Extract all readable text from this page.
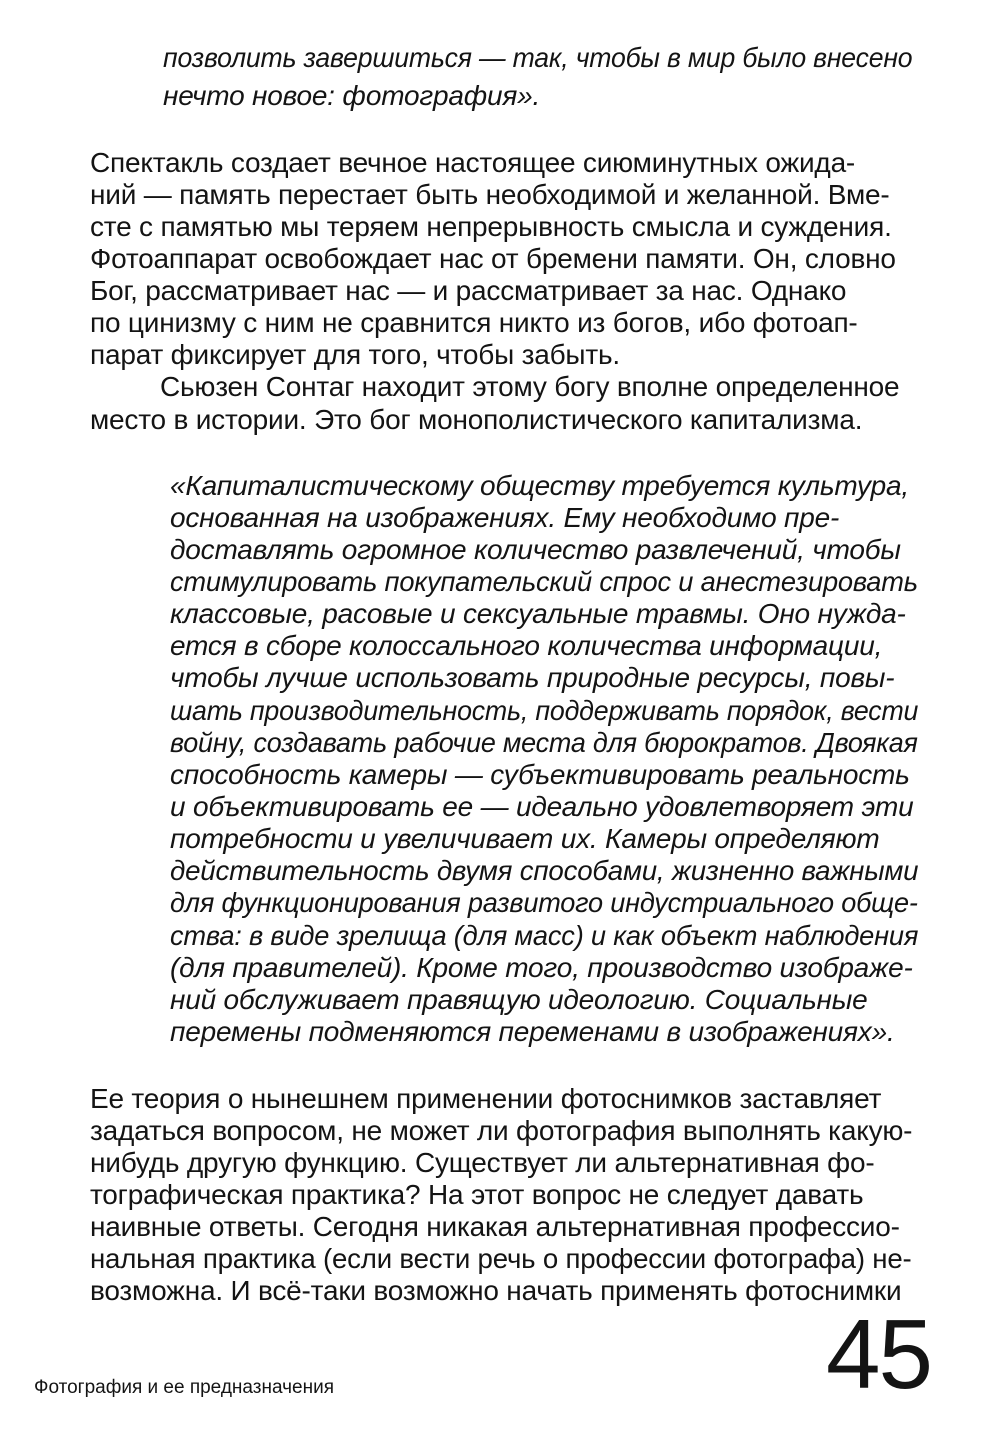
позволить завершиться — так, чтобы в мир было внесено
нечто новое: фотография».
Спектакль создает вечное настоящее сиюминутных ожида-
ний — память перестает быть необходимой и желанной. Вме-
сте с памятью мы теряем непрерывность смысла и суждения.
Фотоаппарат освобождает нас от бремени памяти. Он, словно
Бог, рассматривает нас — и рассматривает за нас. Однако
по цинизму с ним не сравнится никто из богов, ибо фотоап-
парат фиксирует для того, чтобы забыть.
Сьюзен Сонтаг находит этому богу вполне определенное
место в истории. Это бог монополистического капитализма.
«Капиталистическому обществу требуется культура,
основанная на изображениях. Ему необходимо пре-
доставлять огромное количество развлечений, чтобы
стимулировать покупательский спрос и анестезировать
классовые, расовые и сексуальные травмы. Оно нужда-
ется в сборе колоссального количества информации,
чтобы лучше использовать природные ресурсы, повы-
шать производительность, поддерживать порядок, вести
войну, создавать рабочие места для бюрократов. Двоякая
способность камеры — субъективировать реальность
и объективировать ее — идеально удовлетворяет эти
потребности и увеличивает их. Камеры определяют
действительность двумя способами, жизненно важными
для функционирования развитого индустриального обще-
ства: в виде зрелища (для масс) и как объект наблюдения
(для правителей). Кроме того, производство изображе-
ний обслуживает правящую идеологию. Социальные
перемены подменяются переменами в изображениях».
Ее теория о нынешнем применении фотоснимков заставляет
задаться вопросом, не может ли фотография выполнять какую-
нибудь другую функцию. Существует ли альтернативная фо-
тографическая практика? На этот вопрос не следует давать
наивные ответы. Сегодня никакая альтернативная профессио-
нальная практика (если вести речь о профессии фотографа) не-
возможна. И всё-таки возможно начать применять фотоснимки
Фотография и ее предназначения	45
